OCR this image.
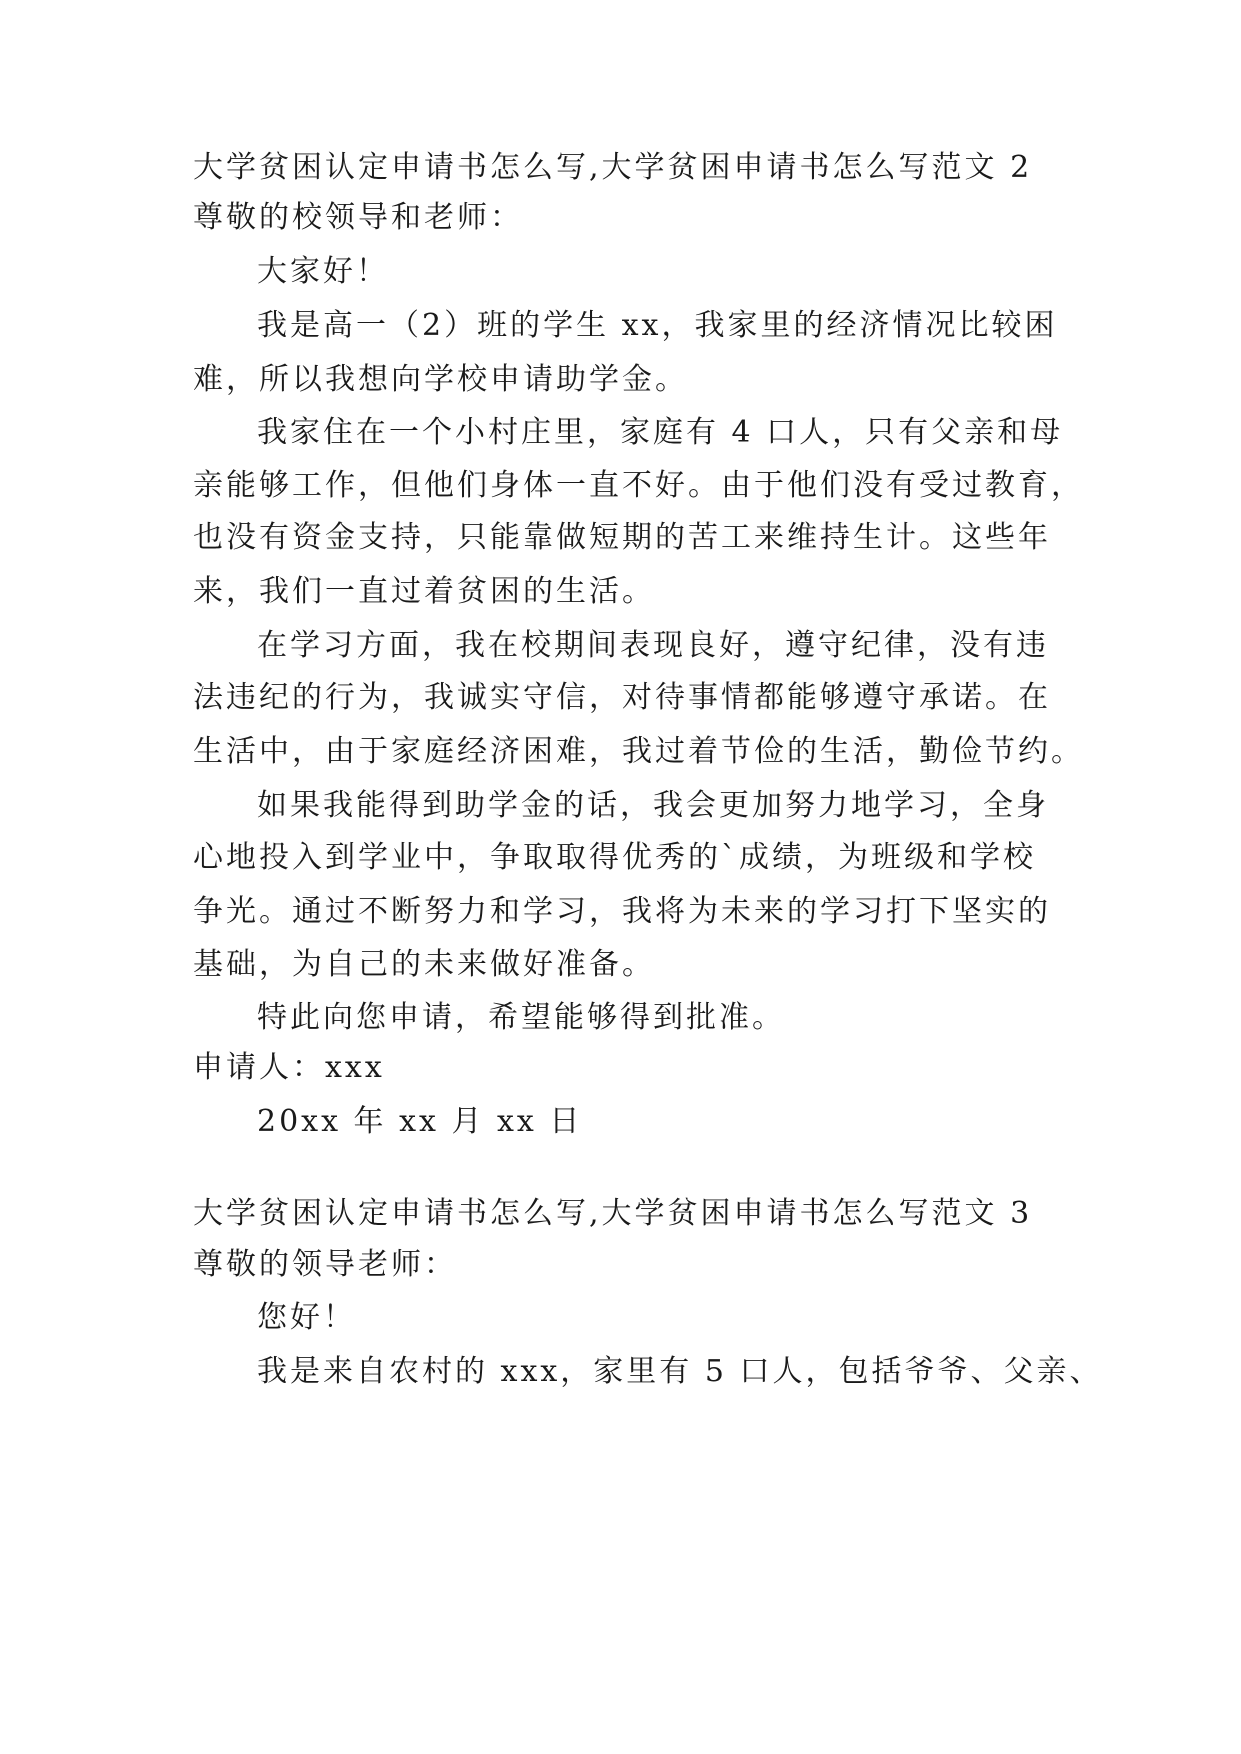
大学贫困认定申请书怎么写,大学贫困申请书怎么写范文 2
尊敬的校领导和老师：
大家好！
我是高一（2）班的学生 xx，我家里的经济情况比较困
难，所以我想向学校申请助学金。
我家住在一个小村庄里，家庭有 4 口人，只有父亲和母
亲能够工作，但他们身体一直不好。由于他们没有受过教育，
也没有资金支持，只能靠做短期的苦工来维持生计。这些年
来，我们一直过着贫困的生活。
在学习方面，我在校期间表现良好，遵守纪律，没有违
法违纪的行为，我诚实守信，对待事情都能够遵守承诺。在
生活中，由于家庭经济困难，我过着节俭的生活，勤俭节约。
如果我能得到助学金的话，我会更加努力地学习，全身
心地投入到学业中，争取取得优秀的`成绩，为班级和学校
争光。通过不断努力和学习，我将为未来的学习打下坚实的
基础，为自己的未来做好准备。
特此向您申请，希望能够得到批准。
申请人：xxx
20xx 年 xx 月 xx 日
大学贫困认定申请书怎么写,大学贫困申请书怎么写范文 3
尊敬的领导老师：
您好！
我是来自农村的 xxx，家里有 5 口人，包括爷爷、父亲、
